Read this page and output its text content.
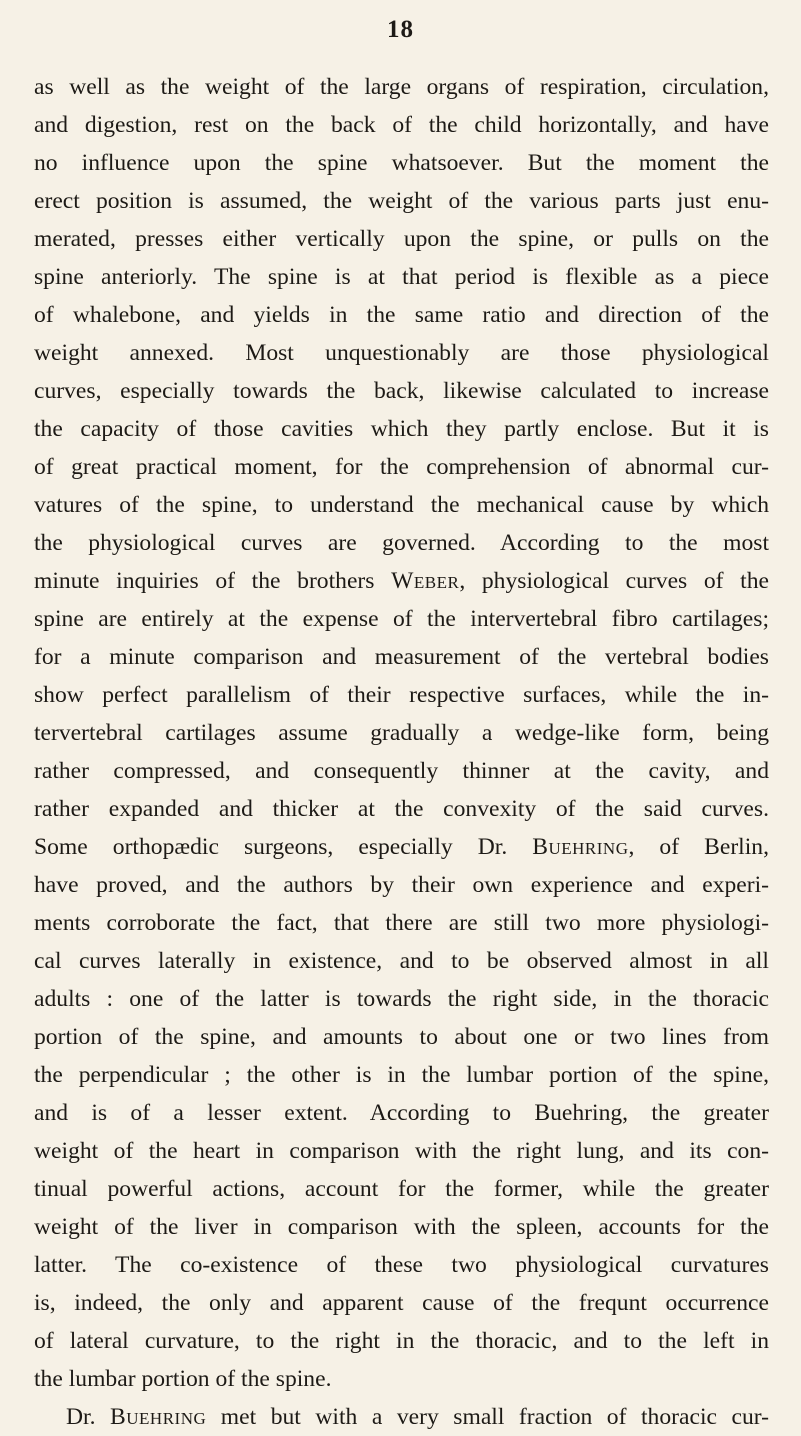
18
as well as the weight of the large organs of respiration, circulation,
and digestion, rest on the back of the child horizontally, and have
no influence upon the spine whatsoever. But the moment the
erect position is assumed, the weight of the various parts just enu-
merated, presses either vertically upon the spine, or pulls on the
spine anteriorly. The spine is at that period is flexible as a piece
of whalebone, and yields in the same ratio and direction of the
weight annexed. Most unquestionably are those physiological
curves, especially towards the back, likewise calculated to increase
the capacity of those cavities which they partly enclose. But it is
of great practical moment, for the comprehension of abnormal cur-
vatures of the spine, to understand the mechanical cause by which
the physiological curves are governed. According to the most
minute inquiries of the brothers Weber, physiological curves of the
spine are entirely at the expense of the intervertebral fibro cartilages;
for a minute comparison and measurement of the vertebral bodies
show perfect parallelism of their respective surfaces, while the in-
tervertebral cartilages assume gradually a wedge-like form, being
rather compressed, and consequently thinner at the cavity, and
rather expanded and thicker at the convexity of the said curves.
Some orthopædic surgeons, especially Dr. Buehring, of Berlin,
have proved, and the authors by their own experience and experi-
ments corroborate the fact, that there are still two more physiologi-
cal curves laterally in existence, and to be observed almost in all
adults : one of the latter is towards the right side, in the thoracic
portion of the spine, and amounts to about one or two lines from
the perpendicular ; the other is in the lumbar portion of the spine,
and is of a lesser extent. According to Buehring, the greater
weight of the heart in comparison with the right lung, and its con-
tinual powerful actions, account for the former, while the greater
weight of the liver in comparison with the spleen, accounts for the
latter. The co-existence of these two physiological curvatures
is, indeed, the only and apparent cause of the frequnt occurrence
of lateral curvature, to the right in the thoracic, and to the left in
the lumbar portion of the spine.
Dr. Buehring met but with a very small fraction of thoracic cur-
